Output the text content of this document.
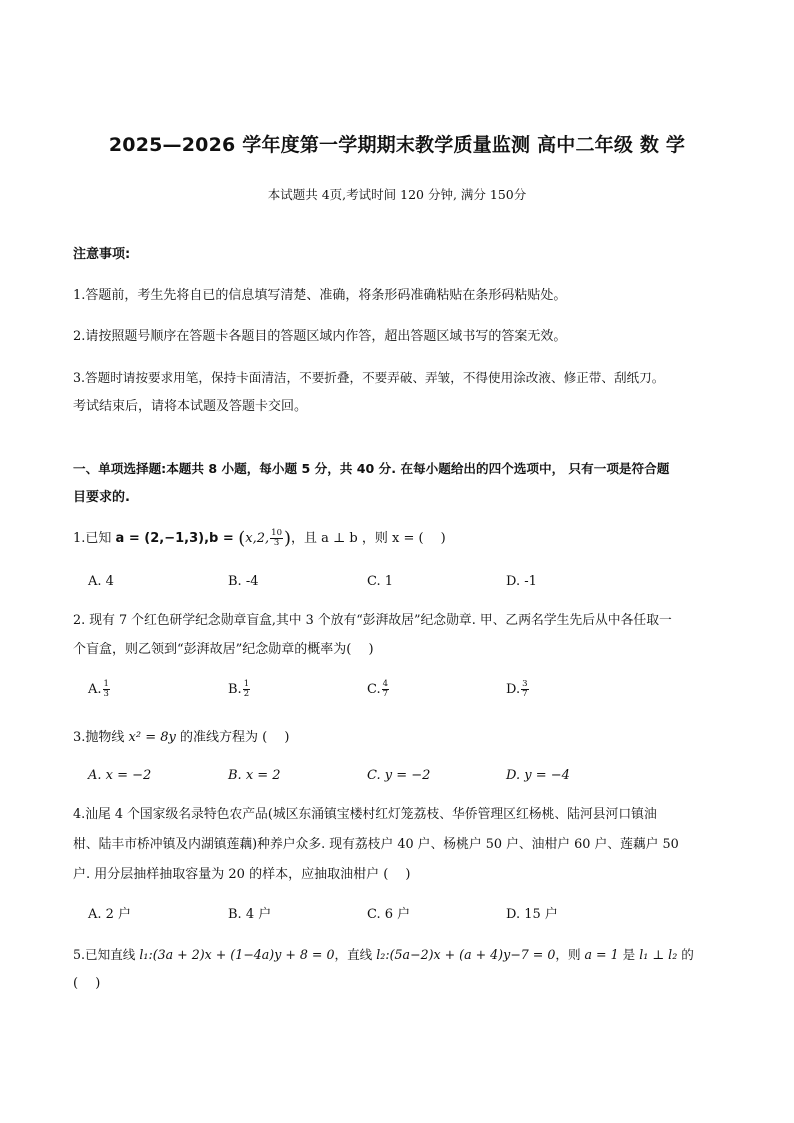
2025—2026 学年度第一学期期末教学质量监测 高中二年级 数 学
本试题共 4页,考试时间 120 分钟, 满分 150分
注意事项:
1.答题前，考生先将自已的信息填写清楚、准确，将条形码准确粘贴在条形码粘贴处。
2.请按照题号顺序在答题卡各题目的答题区域内作答，超出答题区域书写的答案无效。
3.答题时请按要求用笔，保持卡面清洁，不要折叠，不要弄破、弄皱，不得使用涂改液、修正带、刮纸刀。
考试结束后，请将本试题及答题卡交回。
一、单项选择题:本题共 8 小题，每小题 5 分，共 40 分. 在每小题给出的四个选项中， 只有一项是符合题
目要求的.
1.已知 a = (2,−1,3),b = (x,2, $\frac{10}{3}$ )，且 a ⊥ b ，则 x = (　 )
A. 4	B. -4	C. 1	D. -1
2. 现有 7 个红色研学纪念勋章盲盒,其中 3 个放有“彭湃故居”纪念勋章. 甲、乙两名学生先后从中各任取一
个盲盒，则乙领到“彭湃故居”纪念勋章的概率为(　 )
A. $\frac{1}{3}$	B. $\frac{1}{2}$	C. $\frac{4}{7}$	D. $\frac{3}{7}$
3.抛物线 x² = 8y 的准线方程为 (　 )
A. x = −2	B. x = 2	C. y = −2	D. y = −4
4.汕尾 4 个国家级名录特色农产品(城区东涌镇宝楼村红灯笼荔枝、华侨管理区红杨桃、陆河县河口镇油
柑、陆丰市桥冲镇及内湖镇莲藕)种养户众多. 现有荔枝户 40 户、杨桃户 50 户、油柑户 60 户、莲藕户 50
户. 用分层抽样抽取容量为 20 的样本，应抽取油柑户 (　 )
A. 2 户	B. 4 户	C. 6 户	D. 15 户
5.已知直线 l₁:(3a + 2)x + (1−4a)y + 8 = 0，直线 l₂:(5a−2)x + (a + 4)y−7 = 0，则 a = 1 是 l₁ ⊥ l₂ 的
(　 )
